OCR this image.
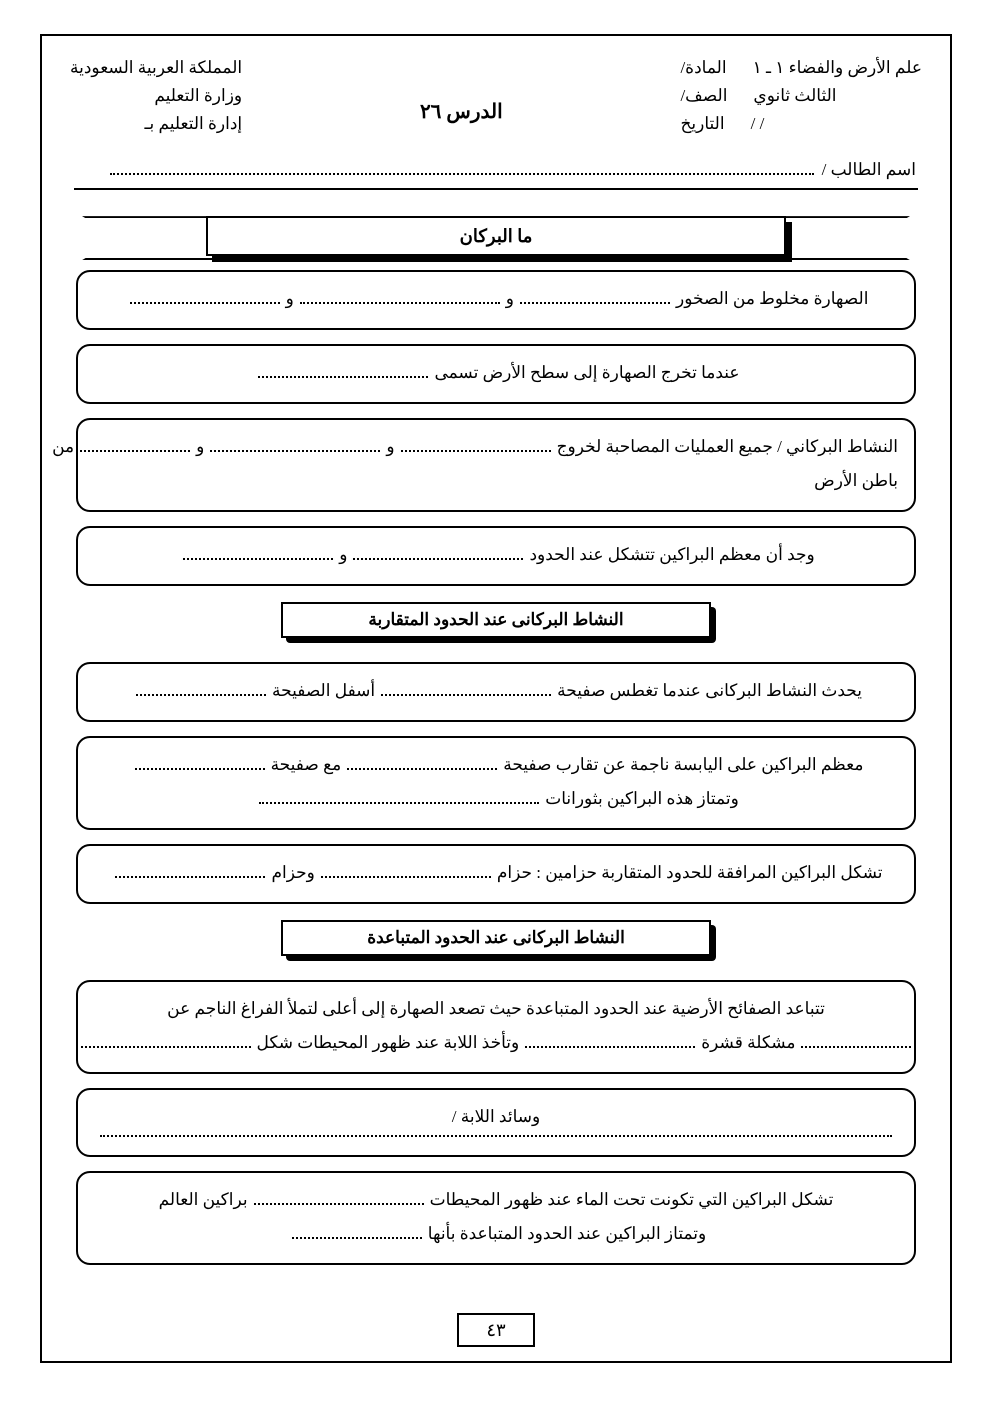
علم الأرض والفضاء ١ ـ ١
المادة/
الثالث ثانوي
الصف/
/ /
التاريخ
الدرس ٢٦
المملكة العربية السعودية
وزارة التعليم
إدارة التعليم بـ
اسم الطالب /
ما البركان
الصهارة مخلوط من الصخور
و
و
عندما تخرج الصهارة إلى سطح الأرض تسمى
النشاط البركاني / جميع العمليات المصاحبة لخروج
و
و
من
باطن الأرض
وجد أن معظم البراكين تتشكل عند الحدود
و
النشاط البركانى عند الحدود المتقاربة
يحدث النشاط البركانى عندما تغطس صفيحة
أسفل الصفيحة
معظم البراكين على اليابسة ناجمة عن تقارب صفيحة
مع صفيحة
وتمتاز هذه البراكين بثورانات
تشكل البراكين المرافقة للحدود المتقاربة حزامين : حزام
وحزام
النشاط البركانى عند الحدود المتباعدة
تتباعد الصفائح الأرضية عند الحدود المتباعدة حيث تصعد الصهارة إلى أعلى لتملأ الفراغ الناجم عن
مشكلة قشرة
وتأخذ اللابة عند ظهور المحيطات شكل
وسائد اللابة /
تشكل البراكين التي تكونت تحت الماء عند ظهور المحيطات
براكين العالم
وتمتاز البراكين عند الحدود المتباعدة بأنها
٤٣
